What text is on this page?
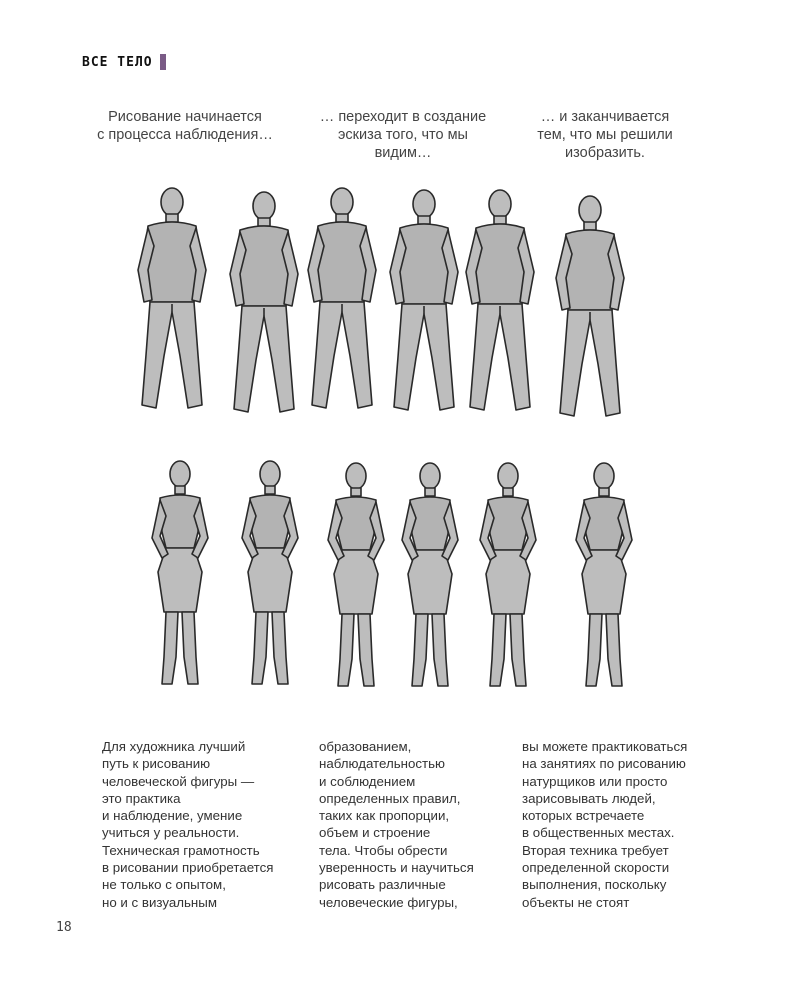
ВСЕ ТЕЛО
Рисование начинается
с процесса наблюдения…
… переходит в создание
эскиза того, что мы
видим…
… и заканчивается
тем, что мы решили
изобразить.

Для художника лучший

путь к рисованию

человеческой фигуры —

это практика

и наблюдение, умение

учиться у реальности.

Техническая грамотность

в рисовании приобретается

не только с опытом,

но и с визуальным

образованием,

наблюдательностью

и соблюдением

определенных правил,

таких как пропорции,

объем и строение

тела. Чтобы обрести

уверенность и научиться

рисовать различные

человеческие фигуры,

вы можете практиковаться

на занятиях по рисованию

натурщиков или просто

зарисовывать людей,

которых встречаете

в общественных местах.

Вторая техника требует

определенной скорости

выполнения, поскольку

объекты не стоят

18
